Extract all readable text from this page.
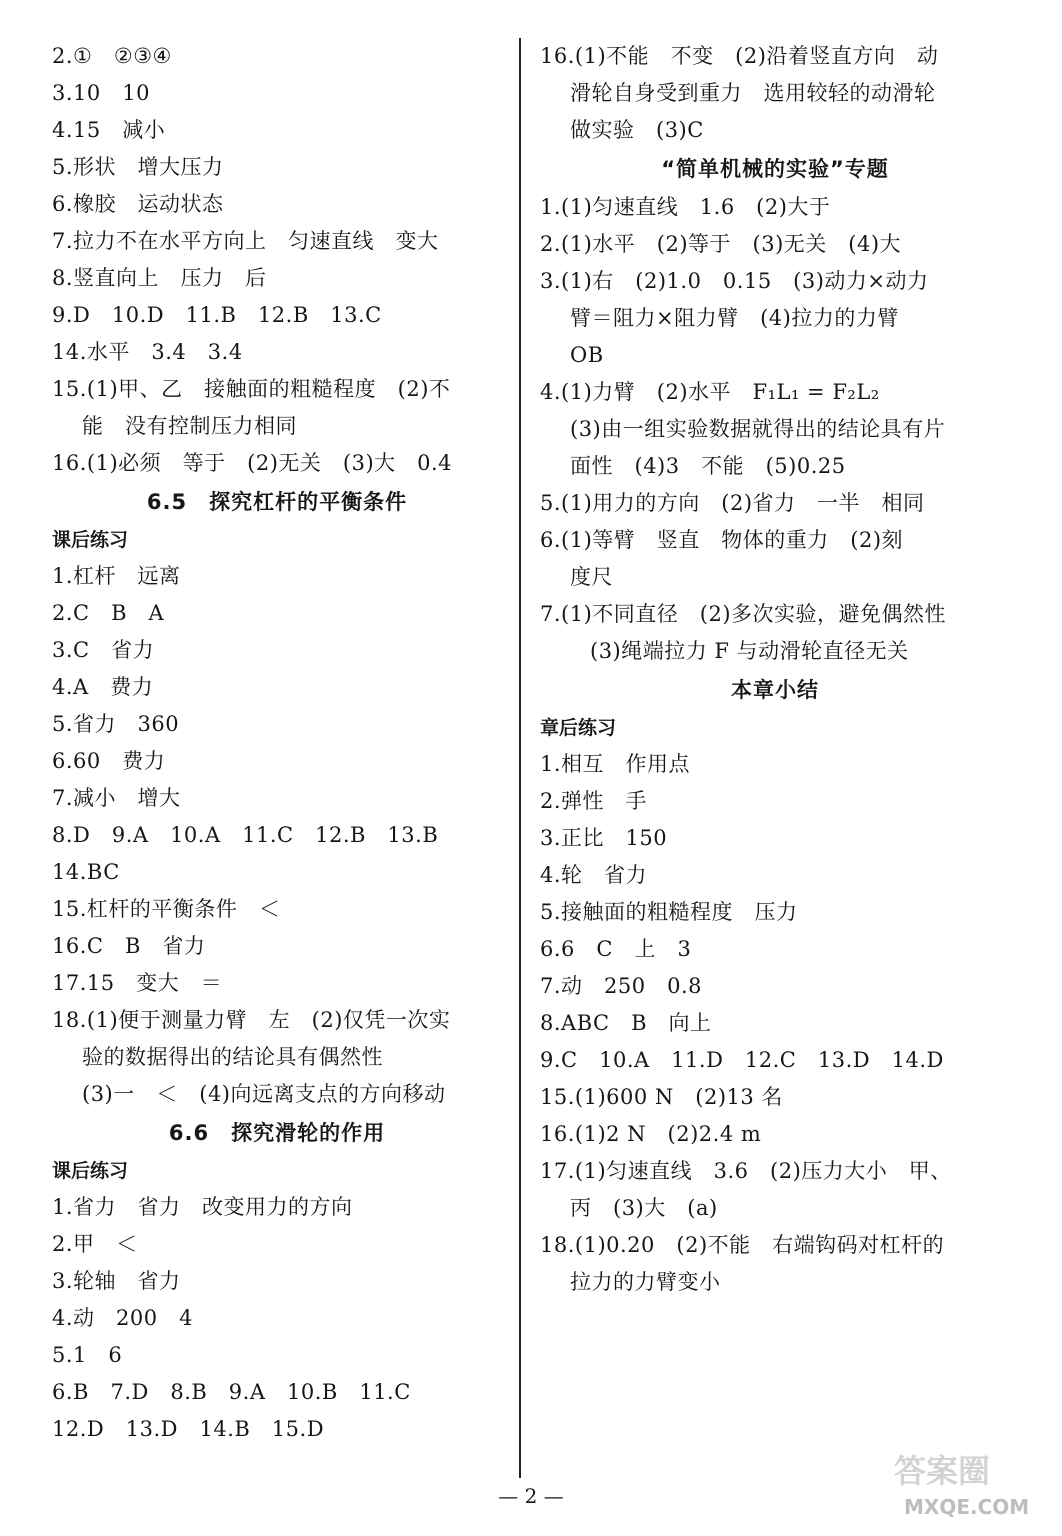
2.①　②③④
3.10　10
4.15　减小
5.形状　增大压力
6.橡胶　运动状态
7.拉力不在水平方向上　匀速直线　变大
8.竖直向上　压力　后
9.D　10.D　11.B　12.B　13.C
14.水平　3.4　3.4
15.(1)甲、乙　接触面的粗糙程度　(2)不
能　没有控制压力相同
16.(1)必须　等于　(2)无关　(3)大　0.4
6.5　探究杠杆的平衡条件
课后练习
1.杠杆　远离
2.C　B　A
3.C　省力
4.A　费力
5.省力　360
6.60　费力
7.减小　增大
8.D　9.A　10.A　11.C　12.B　13.B
14.BC
15.杠杆的平衡条件　＜
16.C　B　省力
17.15　变大　＝
18.(1)便于测量力臂　左　(2)仅凭一次实
验的数据得出的结论具有偶然性
(3)一　＜　(4)向远离支点的方向移动
6.6　探究滑轮的作用
课后练习
1.省力　省力　改变用力的方向
2.甲　＜
3.轮轴　省力
4.动　200　4
5.1　6
6.B　7.D　8.B　9.A　10.B　11.C
12.D　13.D　14.B　15.D
16.(1)不能　不变　(2)沿着竖直方向　动
滑轮自身受到重力　选用较轻的动滑轮
做实验　(3)C
“简单机械的实验”专题
1.(1)匀速直线　1.6　(2)大于
2.(1)水平　(2)等于　(3)无关　(4)大
3.(1)右　(2)1.0　0.15　(3)动力×动力
臂＝阻力×阻力臂　(4)拉力的力臂
OB
4.(1)力臂　(2)水平　F₁L₁ = F₂L₂
(3)由一组实验数据就得出的结论具有片
面性　(4)3　不能　(5)0.25
5.(1)用力的方向　(2)省力　一半　相同
6.(1)等臂　竖直　物体的重力　(2)刻
度尺
7.(1)不同直径　(2)多次实验，避免偶然性
(3)绳端拉力 F 与动滑轮直径无关
本章小结
章后练习
1.相互　作用点
2.弹性　手
3.正比　150
4.轮　省力
5.接触面的粗糙程度　压力
6.6　C　上　3
7.动　250　0.8
8.ABC　B　向上
9.C　10.A　11.D　12.C　13.D　14.D
15.(1)600 N　(2)13 名
16.(1)2 N　(2)2.4 m
17.(1)匀速直线　3.6　(2)压力大小　甲、
丙　(3)大　(a)
18.(1)0.20　(2)不能　右端钩码对杠杆的
拉力的力臂变小
— 2 —
答案圈
MXQE.COM
